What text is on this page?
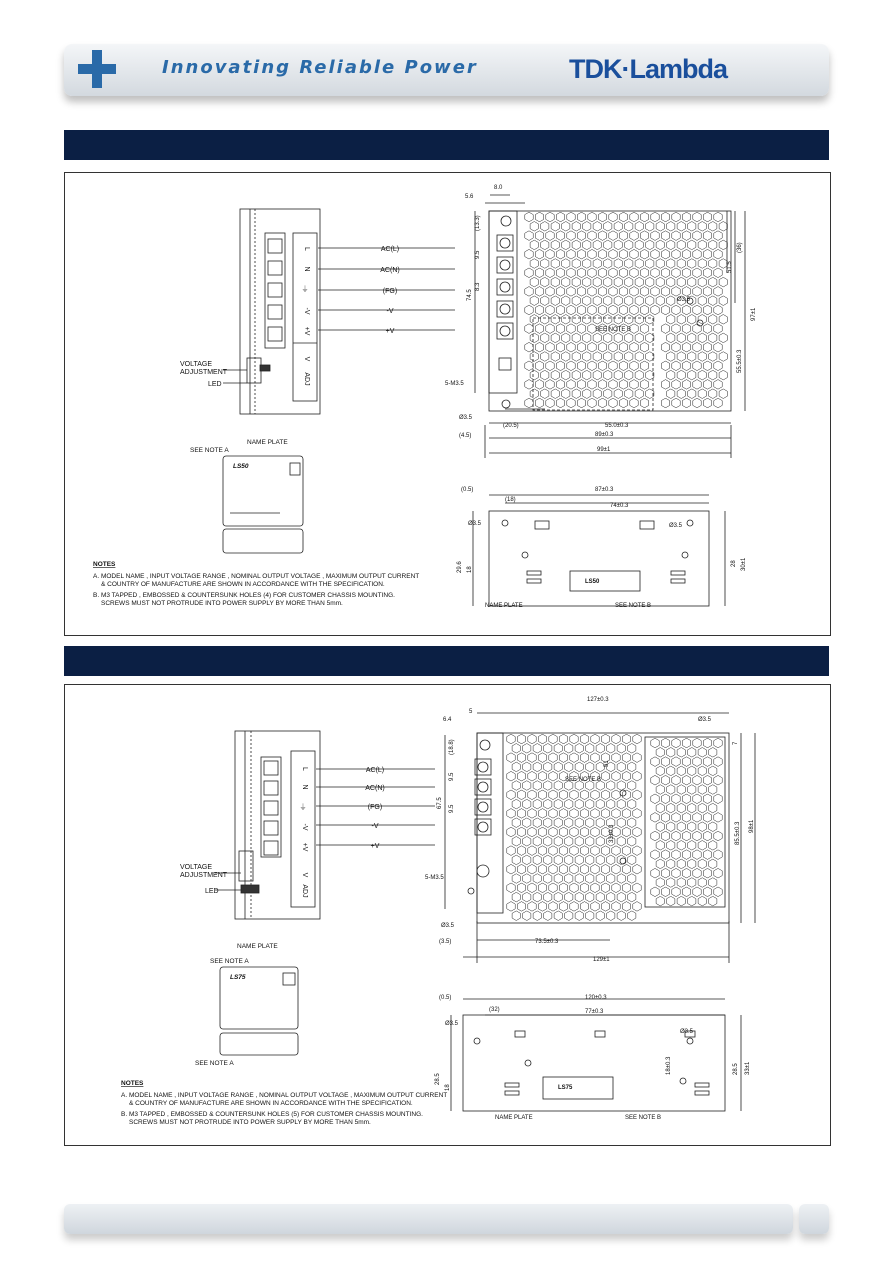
Innovating Reliable Power	TDK·Lambda
L
N
⏚
-V
+V
V
ADJ
AC(L)
AC(N)
(FG)
-V
+V
VOLTAGE
ADJUSTMENT
LED
SEE NOTE A
NAME PLATE
LS50
NOTES
A. MODEL NAME , INPUT VOLTAGE RANGE , NOMINAL OUTPUT VOLTAGE , MAXIMUM OUTPUT CURRENT
& COUNTRY OF MANUFACTURE ARE SHOWN IN ACCORDANCE WITH THE SPECIFICATION.
B. M3 TAPPED , EMBOSSED & COUNTERSUNK HOLES (4) FOR CUSTOMER CHASSIS MOUNTING.
SCREWS MUST NOT PROTRUDE INTO POWER SUPPLY BY MORE THAN 5mm.
8.0
5.6
(13.3)
9.5
8.3
74.5
(36)
51.5
97±1
55.5±0.3
Ø3.5
SEE NOTE B
5-M3.5
Ø3.5
(20.5)	55.0±0.3
(4.5)	89±0.3
99±1
(0.5)
(18)
87±0.3
74±0.3
Ø3.5	Ø3.5
18
29.6	28 30±1
LS50
NAME PLATE	SEE NOTE B
L
N
⏚
-V
+V
V
ADJ
AC(L)
AC(N)
(FG)
-V
+V
VOLTAGE
ADJUSTMENT
LED
NAME PLATE
SEE NOTE A
LS75
SEE NOTE A
NOTES
A. MODEL NAME , INPUT VOLTAGE RANGE , NOMINAL OUTPUT VOLTAGE , MAXIMUM OUTPUT CURRENT
& COUNTRY OF MANUFACTURE ARE SHOWN IN ACCORDANCE WITH THE SPECIFICATION.
B. M3 TAPPED , EMBOSSED & COUNTERSUNK HOLES (5) FOR CUSTOMER CHASSIS MOUNTING.
SCREWS MUST NOT PROTRUDE INTO POWER SUPPLY BY MORE THAN 5mm.
127±0.3
6.4
5
Ø3.5
7
(18.8)
9.5
67.5 9.5
51
33±0.3	85.5±0.3 98±1
SEE NOTE B
5-M3.5
Ø3.5
(3.5)	73.5±0.3
129±1
(0.5)	120±0.3
(32)	77±0.3
Ø3.5
Ø3.5
18±0.3
28.5
18
28.5 33±1
LS75
NAME PLATE	SEE NOTE B
